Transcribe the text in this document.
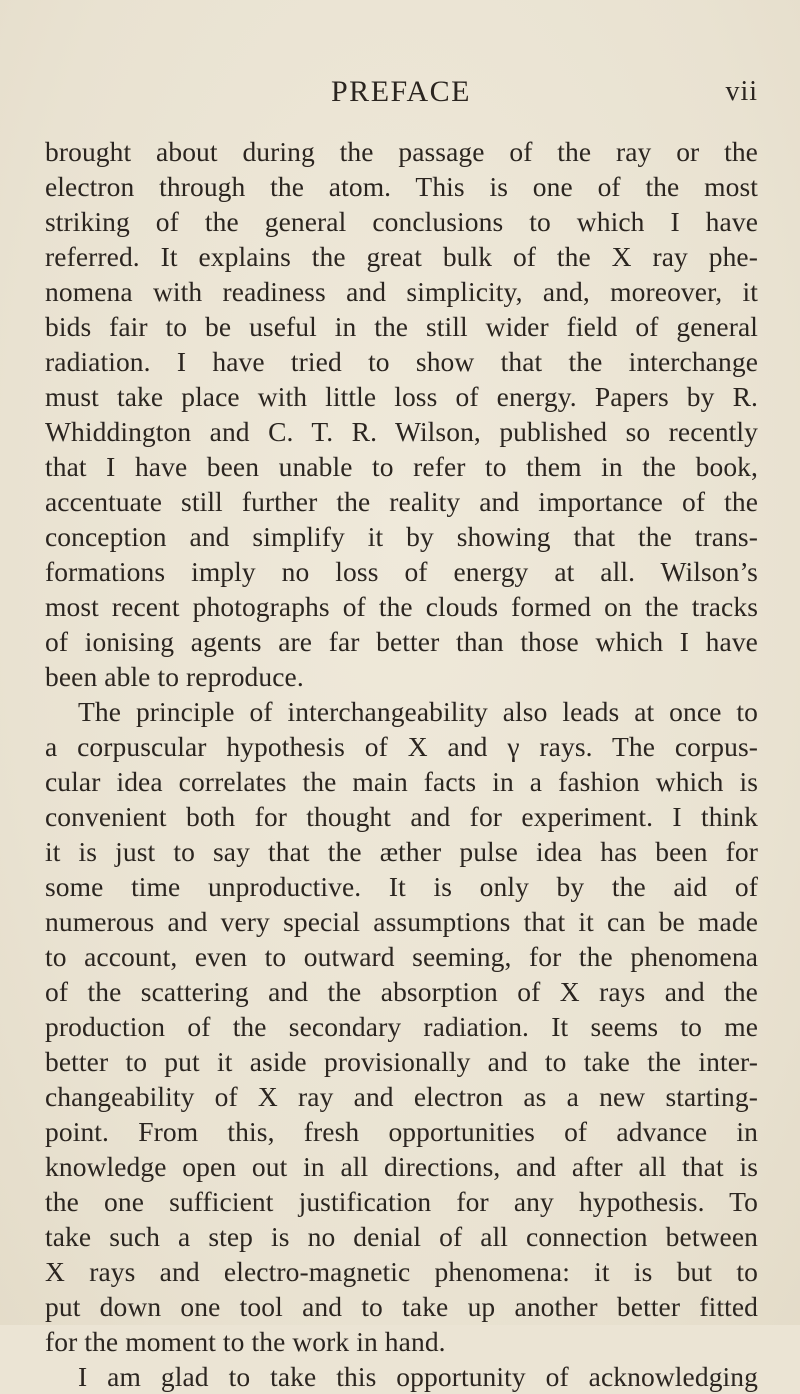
PREFACE	vii
brought about during the passage of the ray or the
electron through the atom. This is one of the most
striking of the general conclusions to which I have
referred. It explains the great bulk of the X ray phe-
nomena with readiness and simplicity, and, moreover, it
bids fair to be useful in the still wider field of general
radiation. I have tried to show that the interchange
must take place with little loss of energy. Papers by R.
Whiddington and C. T. R. Wilson, published so recently
that I have been unable to refer to them in the book,
accentuate still further the reality and importance of the
conception and simplify it by showing that the trans-
formations imply no loss of energy at all. Wilson’s
most recent photographs of the clouds formed on the tracks
of ionising agents are far better than those which I have
been able to reproduce.
The principle of interchangeability also leads at once to
a corpuscular hypothesis of X and γ rays. The corpus-
cular idea correlates the main facts in a fashion which is
convenient both for thought and for experiment. I think
it is just to say that the æther pulse idea has been for
some time unproductive. It is only by the aid of
numerous and very special assumptions that it can be made
to account, even to outward seeming, for the phenomena
of the scattering and the absorption of X rays and the
production of the secondary radiation. It seems to me
better to put it aside provisionally and to take the inter-
changeability of X ray and electron as a new starting-
point. From this, fresh opportunities of advance in
knowledge open out in all directions, and after all that is
the one sufficient justification for any hypothesis. To
take such a step is no denial of all connection between
X rays and electro-magnetic phenomena: it is but to
put down one tool and to take up another better fitted
for the moment to the work in hand.
I am glad to take this opportunity of acknowledging
